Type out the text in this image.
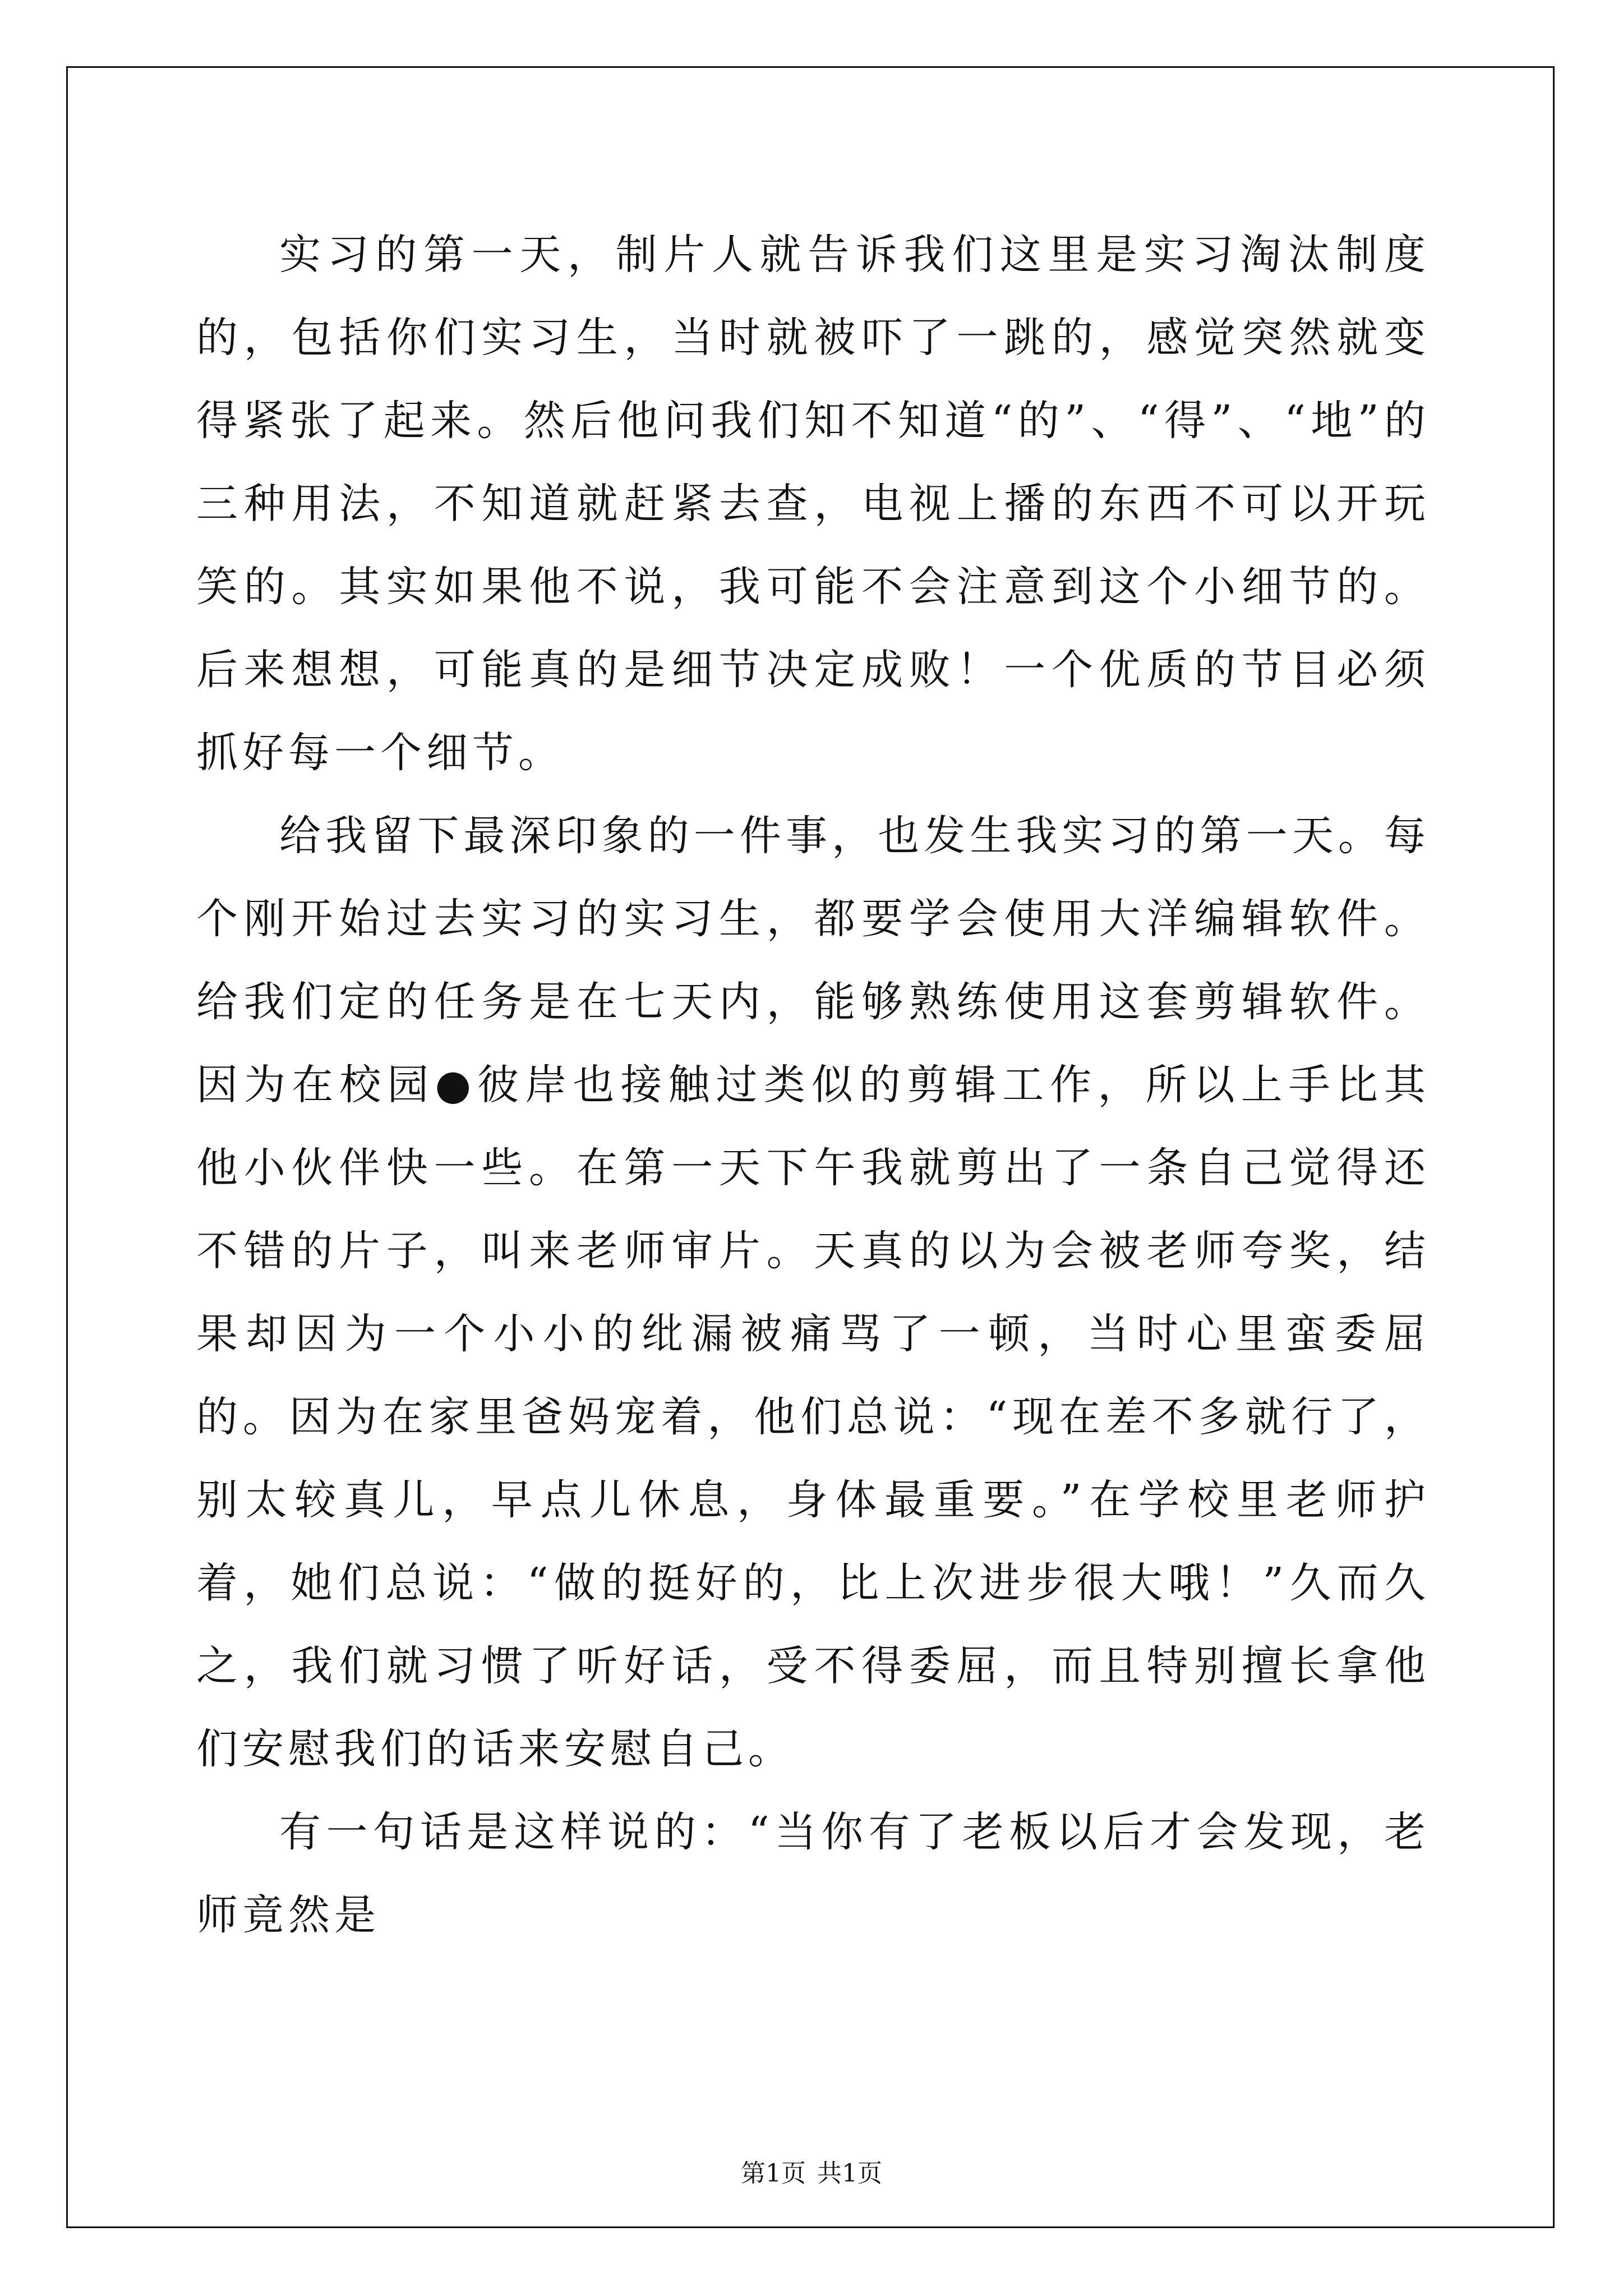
实习的第一天，制片人就告诉我们这里是实习淘汰制度的，包括你们实习生，当时就被吓了一跳的，感觉突然就变得紧张了起来。然后他问我们知不知道“的”、“得”、“地”的三种用法，不知道就赶紧去查，电视上播的东西不可以开玩笑的。其实如果他不说，我可能不会注意到这个小细节的。后来想想，可能真的是细节决定成败！一个优质的节目必须抓好每一个细节。

给我留下最深印象的一件事，也发生我实习的第一天。每个刚开始过去实习的实习生，都要学会使用大洋编辑软件。给我们定的任务是在七天内，能够熟练使用这套剪辑软件。因为在校园●彼岸也接触过类似的剪辑工作，所以上手比其他小伙伴快一些。在第一天下午我就剪出了一条自己觉得还不错的片子，叫来老师审片。天真的以为会被老师夸奖，结果却因为一个小小的纰漏被痛骂了一顿，当时心里蛮委屈的。因为在家里爸妈宠着，他们总说：“现在差不多就行了，别太较真儿，早点儿休息，身体最重要。”在学校里老师护着，她们总说：“做的挺好的，比上次进步很大哦！”久而久之，我们就习惯了听好话，受不得委屈，而且特别擅长拿他们安慰我们的话来安慰自己。

有一句话是这样说的：“当你有了老板以后才会发现，老师竟然是

第1页 共1页
